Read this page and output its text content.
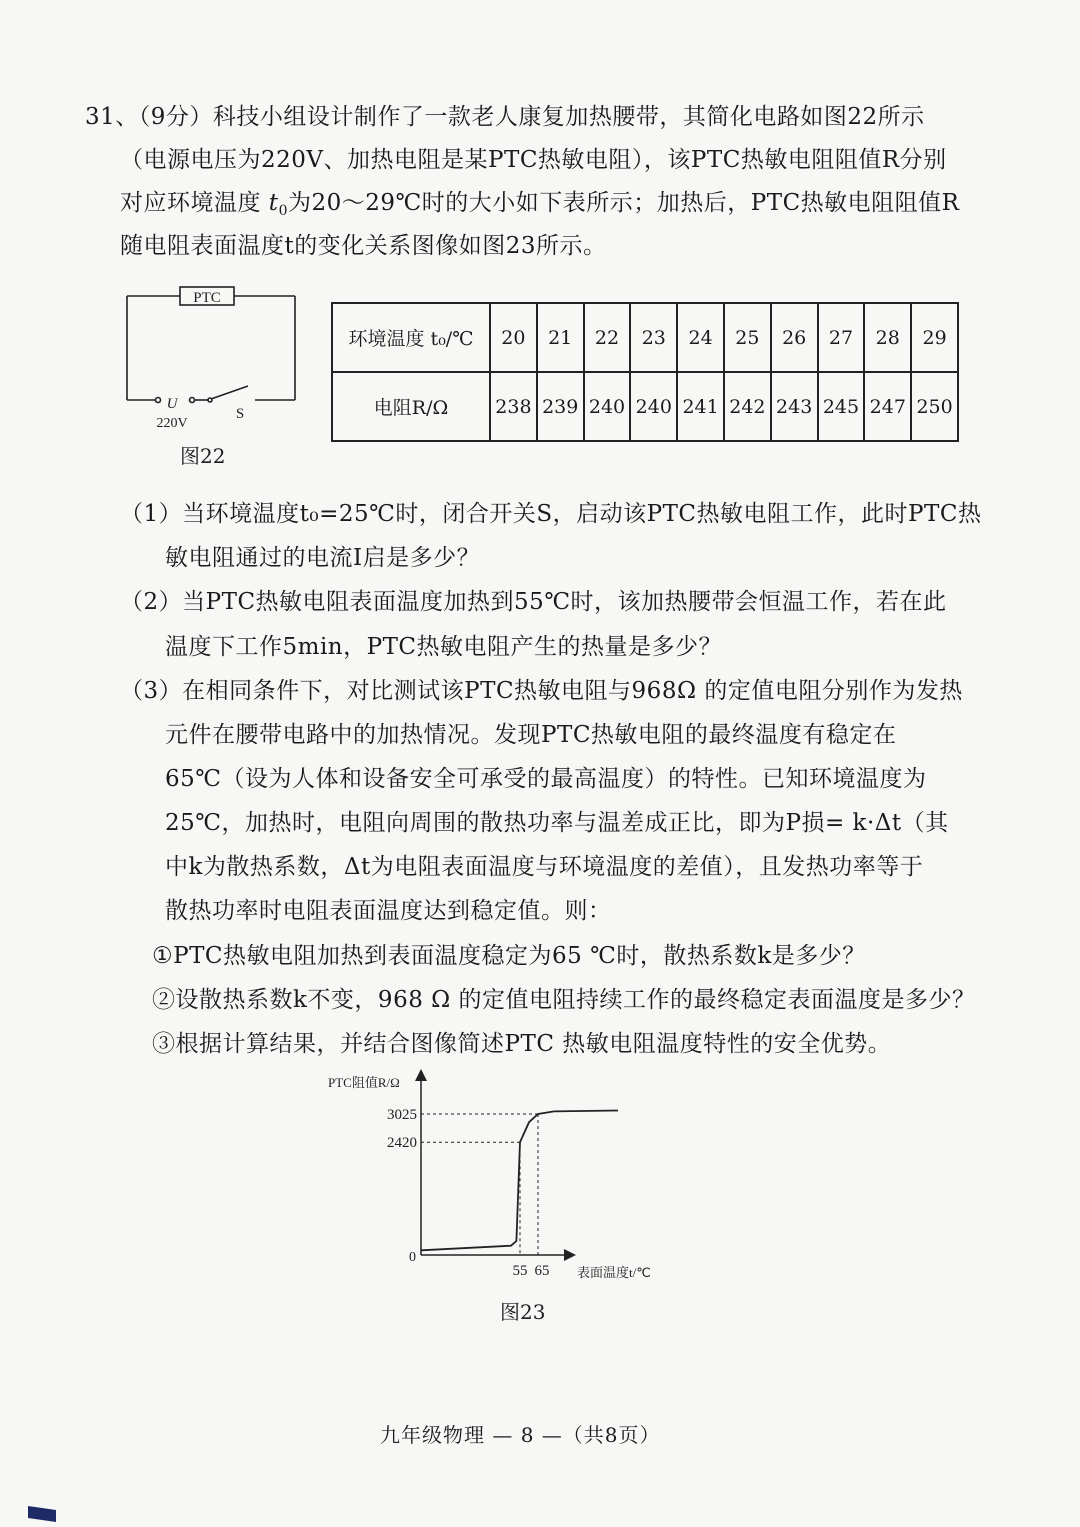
31、（9分）科技小组设计制作了一款老人康复加热腰带，其简化电路如图22所示
（电源电压为220V、加热电阻是某PTC热敏电阻），该PTC热敏电阻阻值R分别
对应环境温度 $t_0$为20～29℃时的大小如下表所示；加热后，PTC热敏电阻阻值R
随电阻表面温度t的变化关系图像如图23所示。
PTC
U
220V
S
图22
环境温度 t₀/℃	20	21	22	23	24	25	26	27	28	29
电阻R/Ω	238	239	240	240	241	242	243	245	247	250
（1）当环境温度t₀=25℃时，闭合开关S，启动该PTC热敏电阻工作，此时PTC热
敏电阻通过的电流I启是多少？
（2）当PTC热敏电阻表面温度加热到55℃时，该加热腰带会恒温工作，若在此
温度下工作5min，PTC热敏电阻产生的热量是多少？
（3）在相同条件下，对比测试该PTC热敏电阻与968Ω 的定值电阻分别作为发热
元件在腰带电路中的加热情况。发现PTC热敏电阻的最终温度有稳定在
65℃（设为人体和设备安全可承受的最高温度）的特性。已知环境温度为
25℃，加热时，电阻向周围的散热功率与温差成正比，即为P损= k·Δt（其
中k为散热系数，Δt为电阻表面温度与环境温度的差值），且发热功率等于
散热功率时电阻表面温度达到稳定值。则：
①PTC热敏电阻加热到表面温度稳定为65 ℃时，散热系数k是多少？
②设散热系数k不变，968 Ω 的定值电阻持续工作的最终稳定表面温度是多少？
③根据计算结果，并结合图像简述PTC 热敏电阻温度特性的安全优势。
PTC阻值R/Ω
表面温度t/℃
0
3025
2420
55 65
图23
九年级物理 — 8 —（共8页）
